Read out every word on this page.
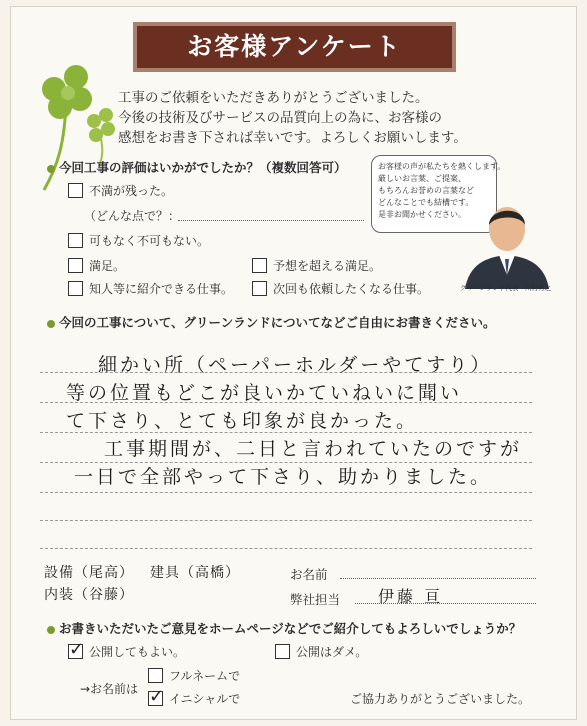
お客様アンケート
工事のご依頼をいただきありがとうございました。
今後の技術及びサービスの品質向上の為に、お客様の
感想をお書き下されば幸いです。よろしくお願いします。
今回工事の評価はいかがでしたか？（複数回答可）
不満が残った。
（どんな点で？：
可もなく不可もない。
満足。	予想を超える満足。
知人等に紹介できる仕事。	次回も依頼したくなる仕事。
お客様の声が私たちを熱くします。
厳しいお言葉、ご提案、
もちろんお誉めの言葉など
どんなことでも結構です。
是非お聞かせください。
グリーンランド代表　川村秀之
今回の工事について、グリーンランドについてなどご自由にお書きください。
細かい所（ペーパーホルダーやてすり）
等の位置もどこが良いかていねいに聞い
て下さり、とても印象が良かった。
工事期間が、二日と言われていたのですが
一日で全部やって下さり、助かりました。
設備（尾高）
内装（谷藤）
建具（高橋）	お名前
弊社担当 伊藤 亘
お書きいただいたご意見をホームページなどでご紹介してもよろしいでしょうか？
✓
公開してもよい。	公開はダメ。
→お名前は
フルネームで
✓
イニシャルで	ご協力ありがとうございました。
